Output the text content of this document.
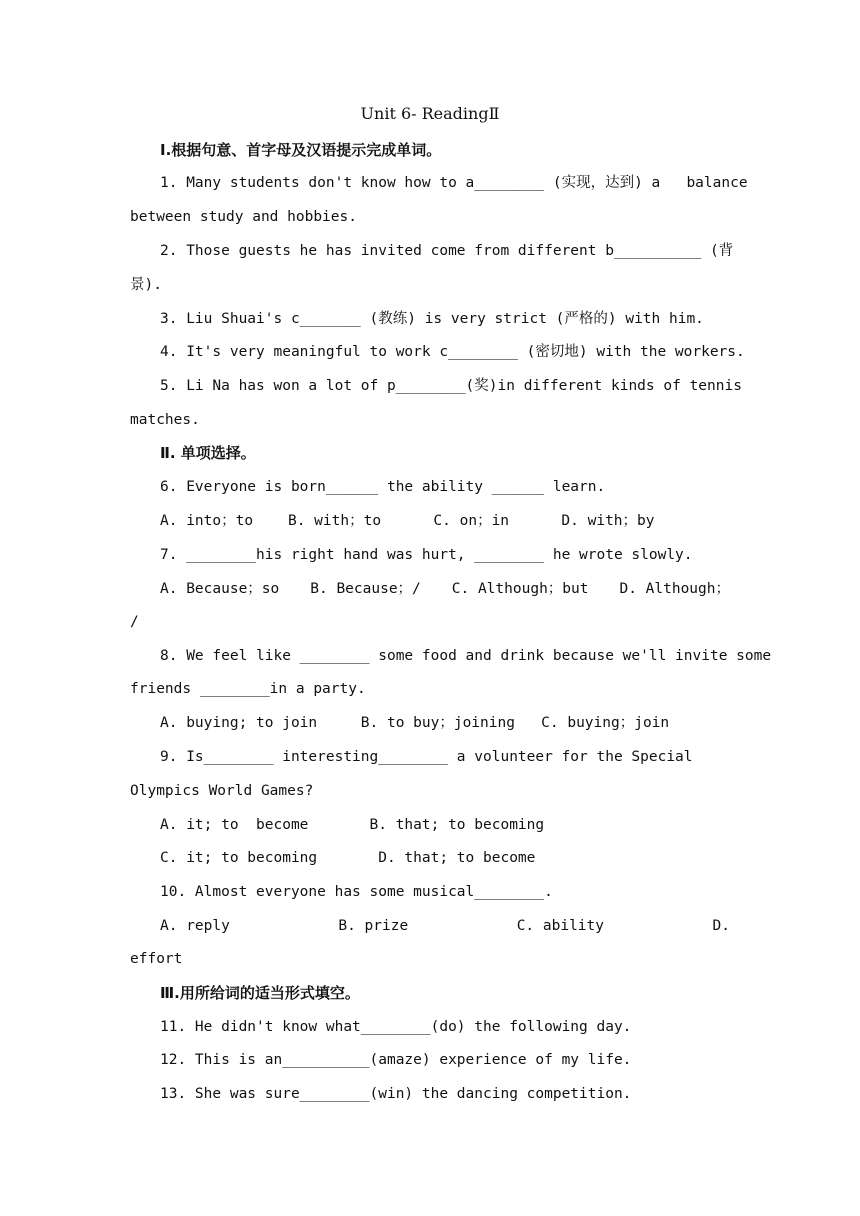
Unit 6- ReadingⅡ
Ⅰ.根据句意、首字母及汉语提示完成单词。
1. Many students don't know how to a________ (实现，达到) a   balance
between study and hobbies.
2. Those guests he has invited come from different b__________ (背
景).
3. Liu Shuai's c_______ (教练) is very strict (严格的) with him.
4. It's very meaningful to work c________ (密切地) with the workers.
5. Li Na has won a lot of p________(奖)in different kinds of tennis
matches.
Ⅱ. 单项选择。
6. Everyone is born______ the ability ______ learn.
A. into；to    B. with；to      C. on；in      D. with；by
7. ________his right hand was hurt, ________ he wrote slowly.
A. Because；so B. Because；/ C. Although；but D. Although；
/
8. We feel like ________ some food and drink because we'll invite some
friends ________in a party.
A. buying; to join     B. to buy；joining   C. buying；join
9. Is________ interesting________ a volunteer for the Special
Olympics World Games?
A. it; to  become       B. that; to becoming
C. it; to becoming       D. that; to become
10. Almost everyone has some musical________.
A. reply	B. prize	C. ability	D.
effort
Ⅲ.用所给词的适当形式填空。
11. He didn't know what________(do) the following day.
12. This is an__________(amaze) experience of my life.
13. She was sure________(win) the dancing competition.
